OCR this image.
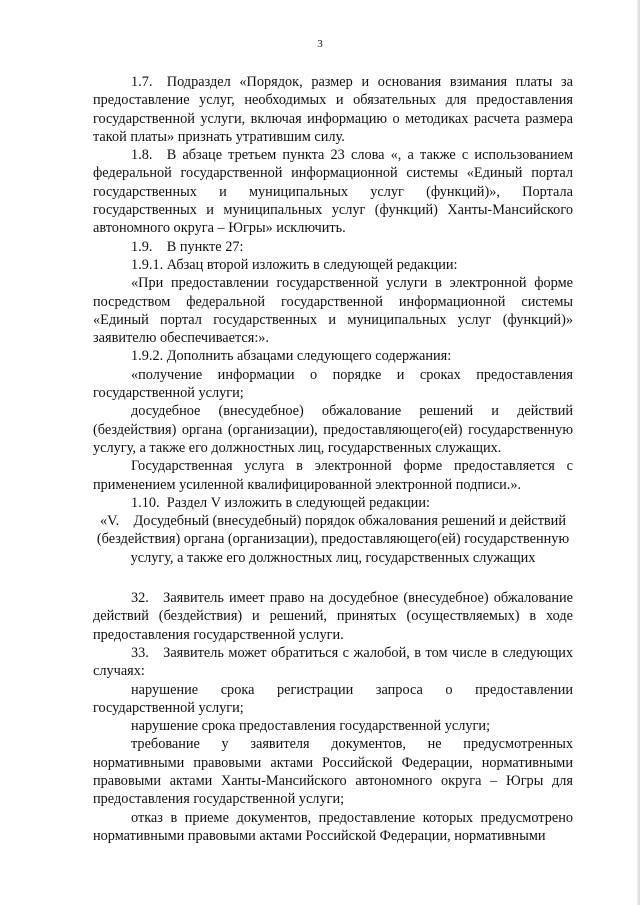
3

1.7. Подраздел «Порядок, размер и основания взимания платы за предоставление услуг, необходимых и обязательных для предоставления государственной услуги, включая информацию о методиках расчета размера такой платы» признать утратившим силу.

1.8. В абзаце третьем пункта 23 слова «, а также с использованием федеральной государственной информационной системы «Единый портал государственных и муниципальных услуг (функций)», Портала государственных и муниципальных услуг (функций) Ханты-Мансийского автономного округа – Югры» исключить.

1.9. В пункте 27:

1.9.1. Абзац второй изложить в следующей редакции:

«При предоставлении государственной услуги в электронной форме посредством федеральной государственной информационной системы «Единый портал государственных и муниципальных услуг (функций)» заявителю обеспечивается:».

1.9.2. Дополнить абзацами следующего содержания:

«получение информации о порядке и сроках предоставления государственной услуги;

досудебное (внесудебное) обжалование решений и действий (бездействия) органа (организации), предоставляющего(ей) государственную услугу, а также его должностных лиц, государственных служащих.

Государственная услуга в электронной форме предоставляется с применением усиленной квалифицированной электронной подписи.».

1.10. Раздел V изложить в следующей редакции:

«V. Досудебный (внесудебный) порядок обжалования решений и действий (бездействия) органа (организации), предоставляющего(ей) государственную услугу, а также его должностных лиц, государственных служащих

32. Заявитель имеет право на досудебное (внесудебное) обжалование действий (бездействия) и решений, принятых (осуществляемых) в ходе предоставления государственной услуги.

33. Заявитель может обратиться с жалобой, в том числе в следующих случаях:

нарушение срока регистрации запроса о предоставлении государственной услуги;

нарушение срока предоставления государственной услуги;

требование у заявителя документов, не предусмотренных нормативными правовыми актами Российской Федерации, нормативными правовыми актами Ханты-Мансийского автономного округа – Югры для предоставления государственной услуги;

отказ в приеме документов, предоставление которых предусмотрено нормативными правовыми актами Российской Федерации, нормативными
